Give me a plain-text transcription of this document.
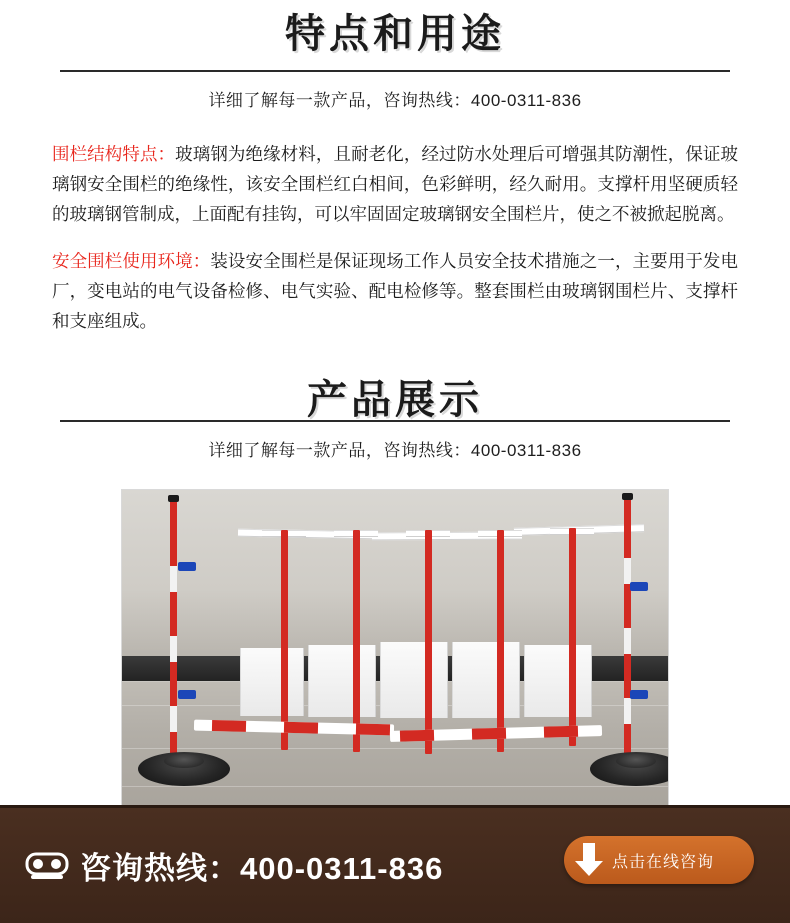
特点和用途
详细了解每一款产品，咨询热线：400-0311-836

围栏结构特点：玻璃钢为绝缘材料，且耐老化，经过防水处理后可增强其防潮性，保证玻璃钢安全围栏的绝缘性，该安全围栏红白相间，色彩鲜明，经久耐用。支撑杆用坚硬质轻的玻璃钢管制成，上面配有挂钩，可以牢固固定玻璃钢安全围栏片，使之不被掀起脱离。

安全围栏使用环境：装设安全围栏是保证现场工作人员安全技术措施之一，主要用于发电厂，变电站的电气设备检修、电气实验、配电检修等。整套围栏由玻璃钢围栏片、支撑杆和支座组成。

产品展示
详细了解每一款产品，咨询热线：400-0311-836
咨询热线：400-0311-836	点击在线咨询
